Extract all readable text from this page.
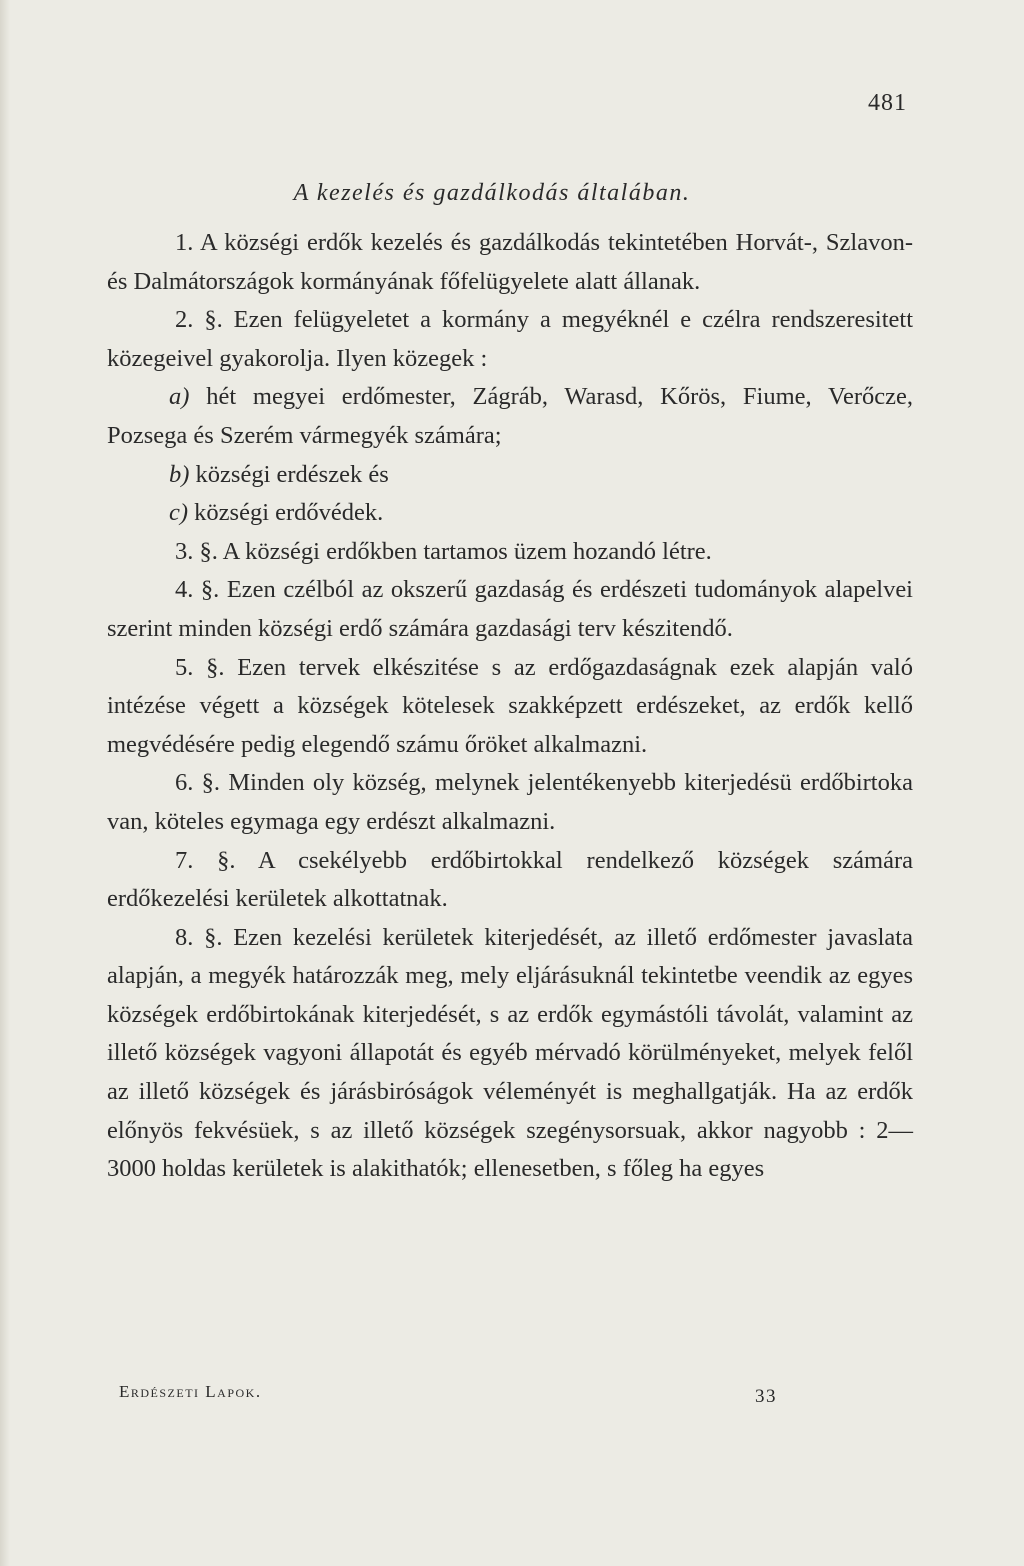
481
A kezelés és gazdálkodás általában.

1. A községi erdők kezelés és gazdálkodás tekintetében Horvát-, Szlavon- és Dalmátországok kormányának főfelügyelete alatt állanak.

2. §. Ezen felügyeletet a kormány a megyéknél e czélra rendszeresitett közegeivel gyakorolja. Ilyen közegek :

a) hét megyei erdőmester, Zágráb, Warasd, Kőrös, Fiume, Verőcze, Pozsega és Szerém vármegyék számára;

b) községi erdészek és

c) községi erdővédek.

3. §. A községi erdőkben tartamos üzem hozandó létre.

4. §. Ezen czélból az okszerű gazdaság és erdészeti tudományok alapelvei szerint minden községi erdő számára gazdasági terv készitendő.

5. §. Ezen tervek elkészitése s az erdőgazdaságnak ezek alapján való intézése végett a községek kötelesek szakképzett erdészeket, az erdők kellő megvédésére pedig elegendő számu őröket alkalmazni.

6. §. Minden oly község, melynek jelentékenyebb kiterjedésü erdőbirtoka van, köteles egymaga egy erdészt alkalmazni.

7. §. A csekélyebb erdőbirtokkal rendelkező községek számára erdőkezelési kerületek alkottatnak.

8. §. Ezen kezelési kerületek kiterjedését, az illető erdőmester javaslata alapján, a megyék határozzák meg, mely eljárásuknál tekintetbe veendik az egyes községek erdőbirtokának kiterjedését, s az erdők egymástóli távolát, valamint az illető községek vagyoni állapotát és egyéb mérvadó körülményeket, melyek felől az illető községek és járásbiróságok véleményét is meghallgatják. Ha az erdők előnyös fekvésüek, s az illető községek szegénysorsuak, akkor nagyobb : 2—3000 holdas kerületek is alakithatók; ellenesetben, s főleg ha egyes

Erdészeti Lapok.	33
